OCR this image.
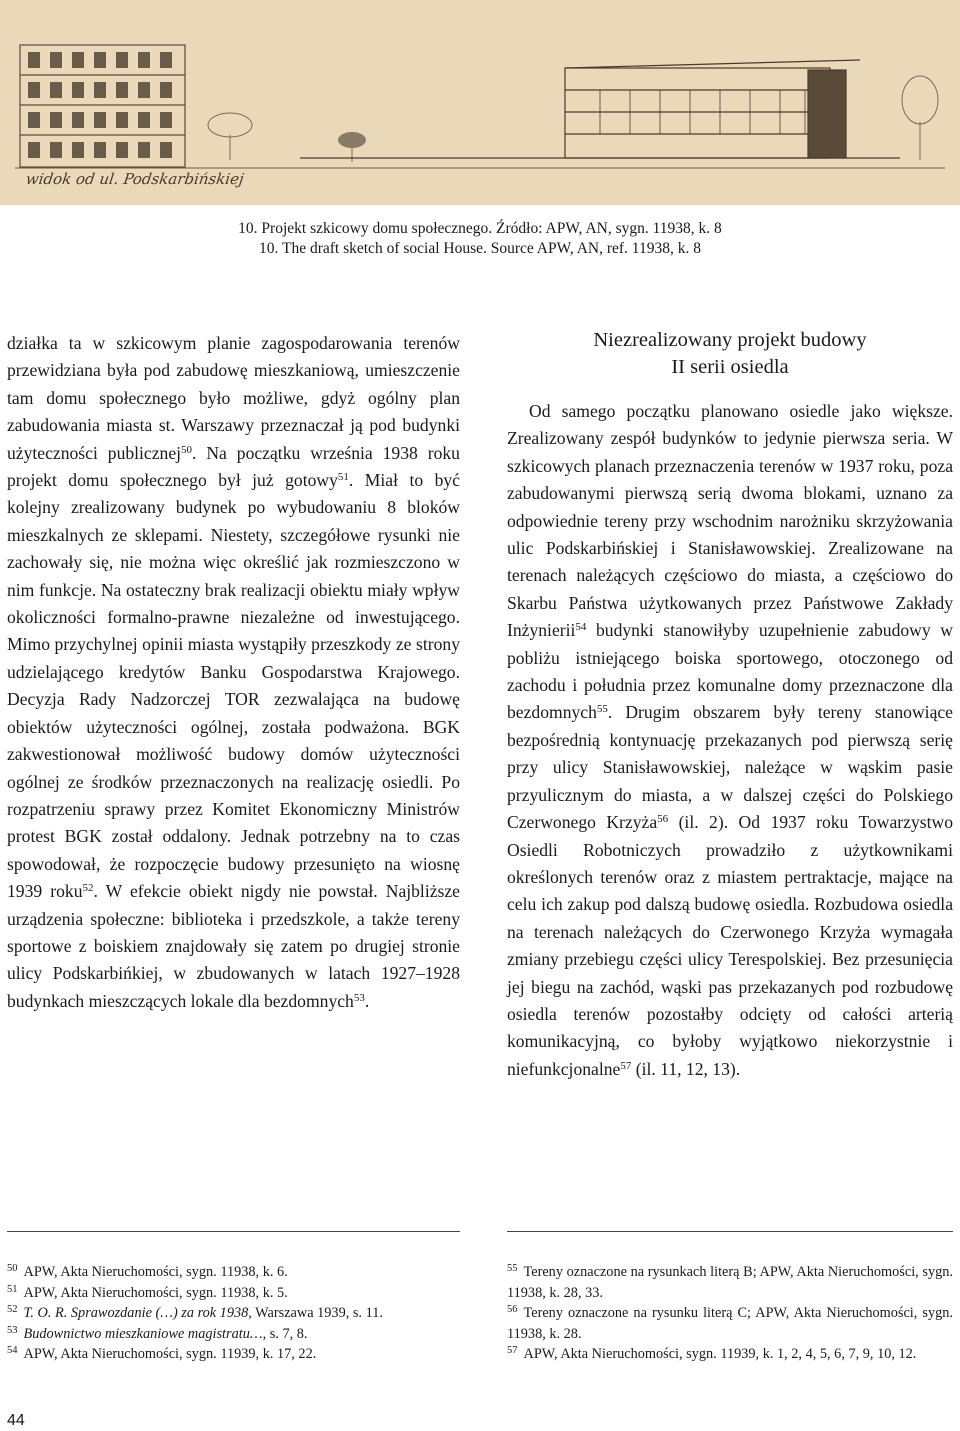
widok od ul. Podskarbińskiej

10. Projekt szkicowy domu społecznego. Źródło: APW, AN, sygn. 11938, k. 8

10. The draft sketch of social House. Source APW, AN, ref. 11938, k. 8

działka ta w szkicowym planie zagospodarowania terenów przewidziana była pod zabudowę mieszkaniową, umieszczenie tam domu społecznego było możliwe, gdyż ogólny plan zabudowania miasta st. Warszawy przeznaczał ją pod budynki użyteczności publicznej$^{50}$. Na początku września 1938 roku projekt domu społecznego był już gotowy$^{51}$. Miał to być kolejny zrealizowany budynek po wybudowaniu 8 bloków mieszkalnych ze sklepami. Niestety, szczegółowe rysunki nie zachowały się, nie można więc określić jak rozmieszczono w nim funkcje. Na ostateczny brak realizacji obiektu miały wpływ okoliczności formalno-prawne niezależne od inwestującego. Mimo przychylnej opinii miasta wystąpiły przeszkody ze strony udzielającego kredytów Banku Gospodarstwa Krajowego. Decyzja Rady Nadzorczej TOR zezwalająca na budowę obiektów użyteczności ogólnej, została podważona. BGK zakwestionował możliwość budowy domów użyteczności ogólnej ze środków przeznaczonych na realizację osiedli. Po rozpatrzeniu sprawy przez Komitet Ekonomiczny Ministrów protest BGK został oddalony. Jednak potrzebny na to czas spowodował, że rozpoczęcie budowy przesunięto na wiosnę 1939 roku$^{52}$. W efekcie obiekt nigdy nie powstał. Najbliższe urządzenia społeczne: biblioteka i przedszkole, a także tereny sportowe z boiskiem znajdowały się zatem po drugiej stronie ulicy Podskarbińkiej, w zbudowanych w latach 1927–1928 budynkach mieszczących lokale dla bezdomnych$^{53}$.

Niezrealizowany projekt budowy

II serii osiedla

Od samego początku planowano osiedle jako większe. Zrealizowany zespół budynków to jedynie pierwsza seria. W szkicowych planach przeznaczenia terenów w 1937 roku, poza zabudowanymi pierwszą serią dwoma blokami, uznano za odpowiednie tereny przy wschodnim narożniku skrzyżowania ulic Podskarbińskiej i Stanisławowskiej. Zrealizowane na terenach należących częściowo do miasta, a częściowo do Skarbu Państwa użytkowanych przez Państwowe Zakłady Inżynierii$^{54}$ budynki stanowiłyby uzupełnienie zabudowy w pobliżu istniejącego boiska sportowego, otoczonego od zachodu i południa przez komunalne domy przeznaczone dla bezdomnych$^{55}$. Drugim obszarem były tereny stanowiące bezpośrednią kontynuację przekazanych pod pierwszą serię przy ulicy Stanisławowskiej, należące w wąskim pasie przyulicznym do miasta, a w dalszej części do Polskiego Czerwonego Krzyża$^{56}$ (il. 2). Od 1937 roku Towarzystwo Osiedli Robotniczych prowadziło z użytkownikami określonych terenów oraz z miastem pertraktacje, mające na celu ich zakup pod dalszą budowę osiedla. Rozbudowa osiedla na terenach należących do Czerwonego Krzyża wymagała zmiany przebiegu części ulicy Terespolskiej. Bez przesunięcia jej biegu na zachód, wąski pas przekazanych pod rozbudowę osiedla terenów pozostałby odcięty od całości arterią komunikacyjną, co byłoby wyjątkowo niekorzystnie i niefunkcjonalne$^{57}$ (il. 11, 12, 13).

$^{50}$ APW, Akta Nieruchomości, sygn. 11938, k. 6.

$^{51}$ APW, Akta Nieruchomości, sygn. 11938, k. 5.

$^{52}$ T. O. R. Sprawozdanie (…) za rok 1938, Warszawa 1939, s. 11.

$^{53}$ Budownictwo mieszkaniowe magistratu…, s. 7, 8.

$^{54}$ APW, Akta Nieruchomości, sygn. 11939, k. 17, 22.

$^{55}$ Tereny oznaczone na rysunkach literą B; APW, Akta Nieruchomości, sygn. 11938, k. 28, 33.

$^{56}$ Tereny oznaczone na rysunku literą C; APW, Akta Nieruchomości, sygn. 11938, k. 28.

$^{57}$ APW, Akta Nieruchomości, sygn. 11939, k. 1, 2, 4, 5, 6, 7, 9, 10, 12.

44
